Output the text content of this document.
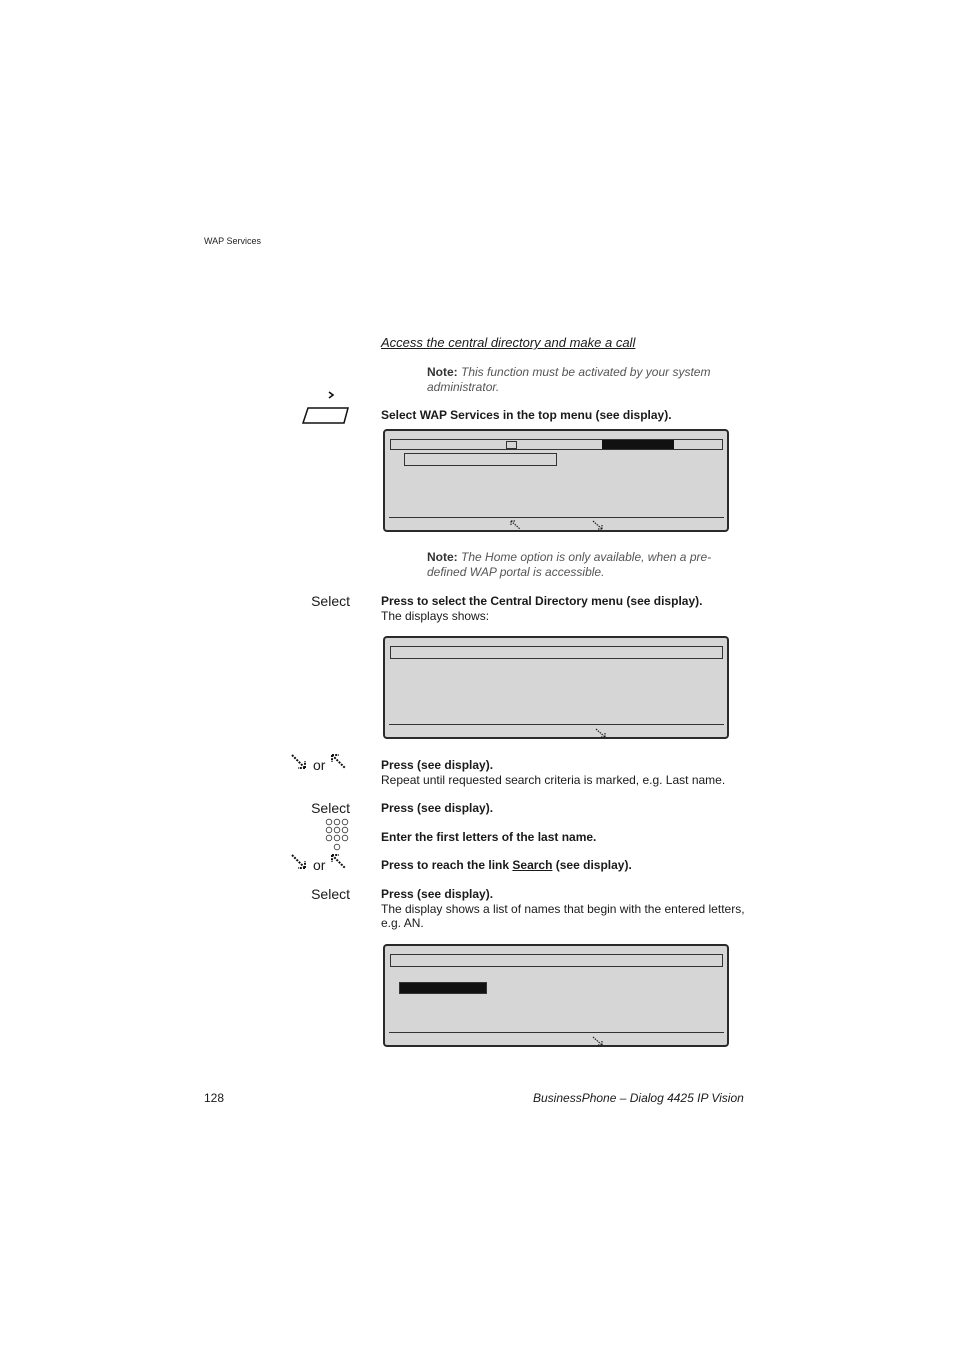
WAP Services
Access the central directory and make a call
Note: This function must be activated by your system administrator.
Select WAP Services in the top menu (see display).
Note: The Home option is only available, when a pre-defined WAP portal is accessible.
Select	Press to select the Central Directory menu (see display).
The displays shows:
or	Press (see display).
Repeat until requested search criteria is marked, e.g. Last name.
Select	Press (see display).
Enter the first letters of the last name.
or	Press to reach the link Search (see display).
Select	Press (see display).
The display shows a list of names that begin with the entered letters, e.g. AN.
128	BusinessPhone – Dialog 4425 IP Vision
